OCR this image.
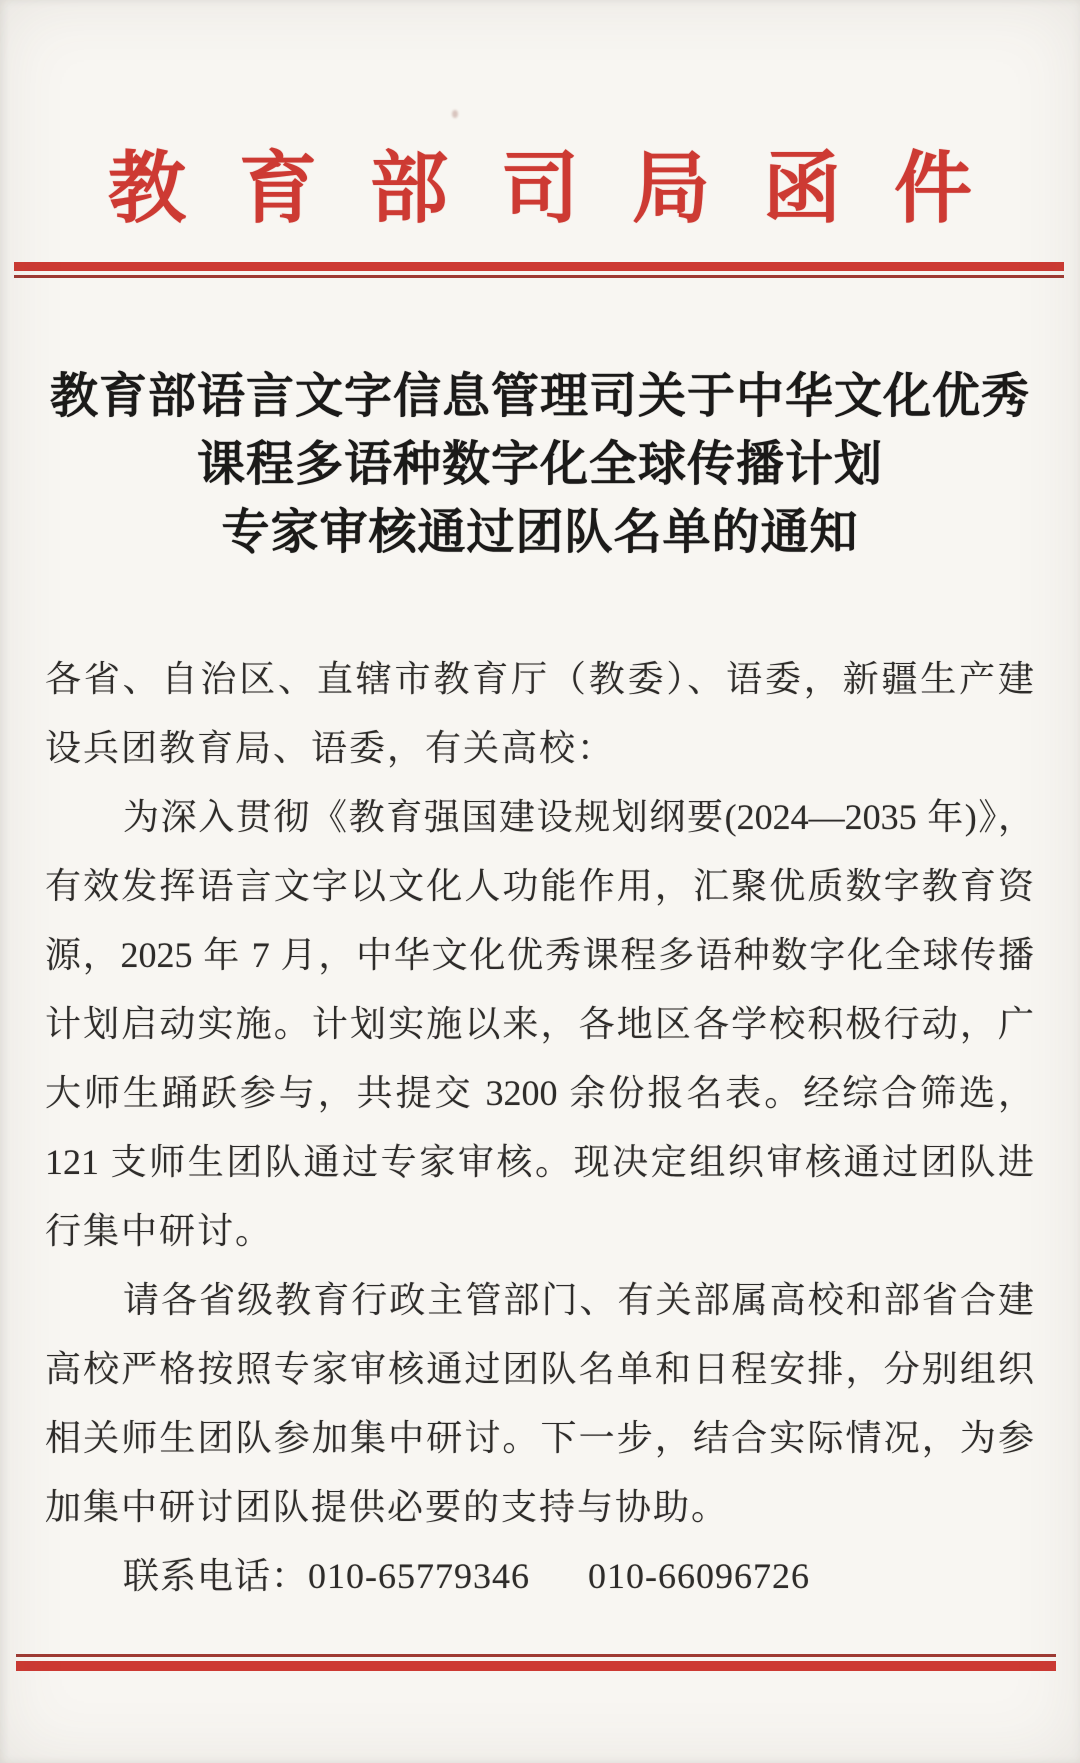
教育部司局函件
教育部语言文字信息管理司关于中华文化优秀
课程多语种数字化全球传播计划
专家审核通过团队名单的通知
各省、自治区、直辖市教育厅（教委）、语委，新疆生产建
设兵团教育局、语委，有关高校：
为深入贯彻《教育强国建设规划纲要(2024—2035 年)》，
有效发挥语言文字以文化人功能作用，汇聚优质数字教育资
源，2025 年 7 月，中华文化优秀课程多语种数字化全球传播
计划启动实施。计划实施以来，各地区各学校积极行动，广
大师生踊跃参与，共提交 3200 余份报名表。经综合筛选，
121 支师生团队通过专家审核。现决定组织审核通过团队进
行集中研讨。
请各省级教育行政主管部门、有关部属高校和部省合建
高校严格按照专家审核通过团队名单和日程安排，分别组织
相关师生团队参加集中研讨。下一步，结合实际情况，为参
加集中研讨团队提供必要的支持与协助。
联系电话：010-65779346 010-66096726
